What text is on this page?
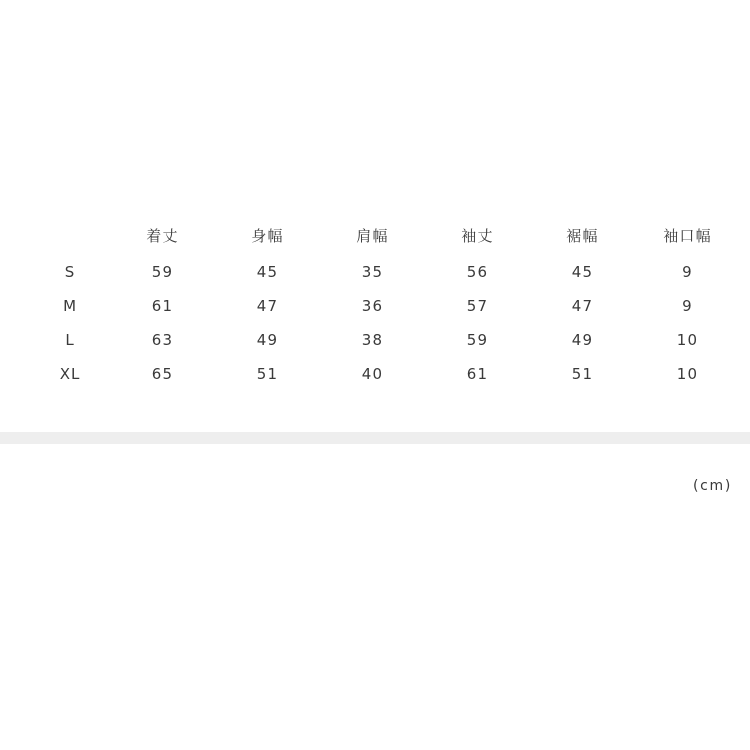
	着丈	身幅	肩幅	袖丈	裾幅	袖口幅
S	59	45	35	56	45	9
M	61	47	36	57	47	9
L	63	49	38	59	49	10
XL	65	51	40	61	51	10
(cm)
